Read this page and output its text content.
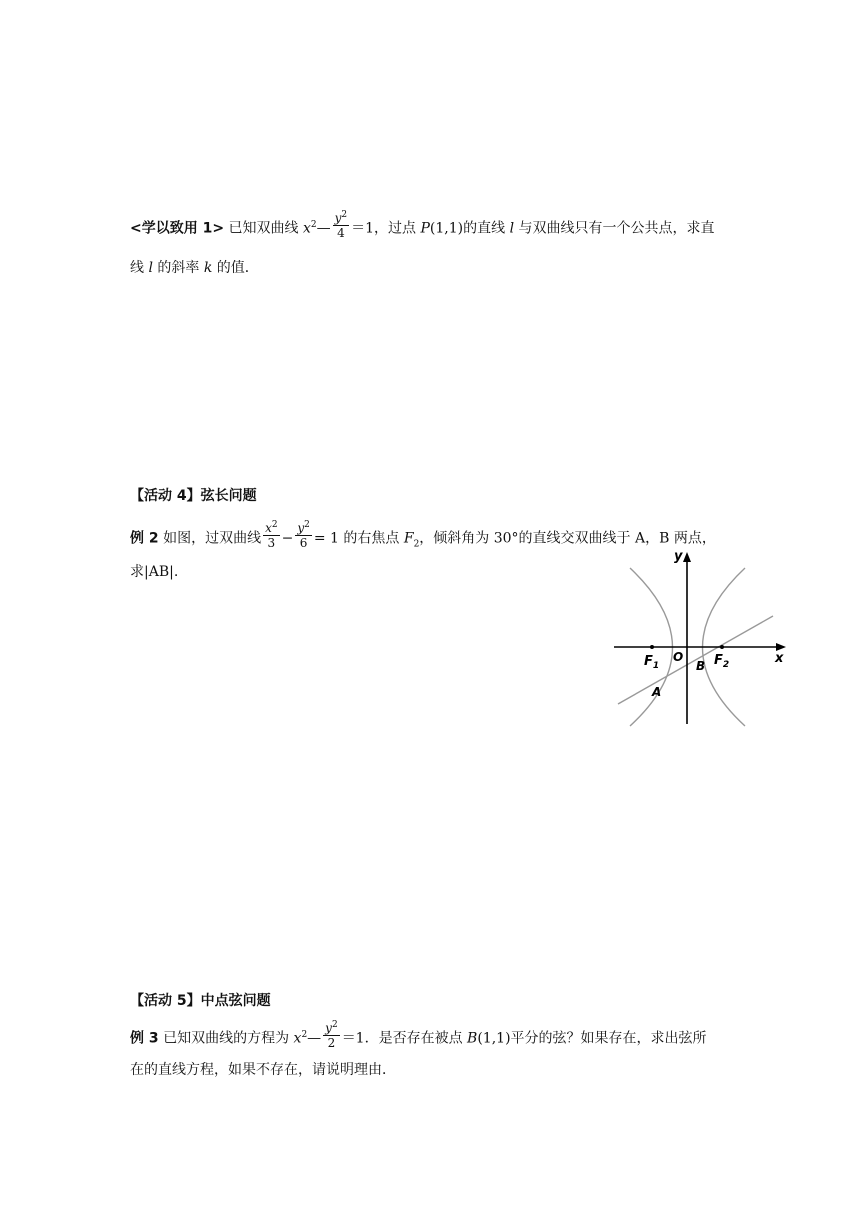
<学以致用 1> 已知双曲线 $x^2— \frac{y^2}{4} =1$，过点 P(1,1)的直线 l 与双曲线只有一个公共点，求直
线 l 的斜率 k 的值．
【活动 4】弦长问题
例 2 如图，过双曲线 $\frac{x^2}{3} - \frac{y^2}{6} = 1$ 的右焦点 $F_2$，倾斜角为 30°的直线交双曲线于 A，B 两点，
求|AB|.
x
y
O
$F_1$	$F_2$
B
A
【活动 5】中点弦问题
例 3 已知双曲线的方程为 $x^2— \frac{y^2}{2} =1$．是否存在被点 B(1,1)平分的弦？如果存在，求出弦所
在的直线方程，如果不存在，请说明理由．
